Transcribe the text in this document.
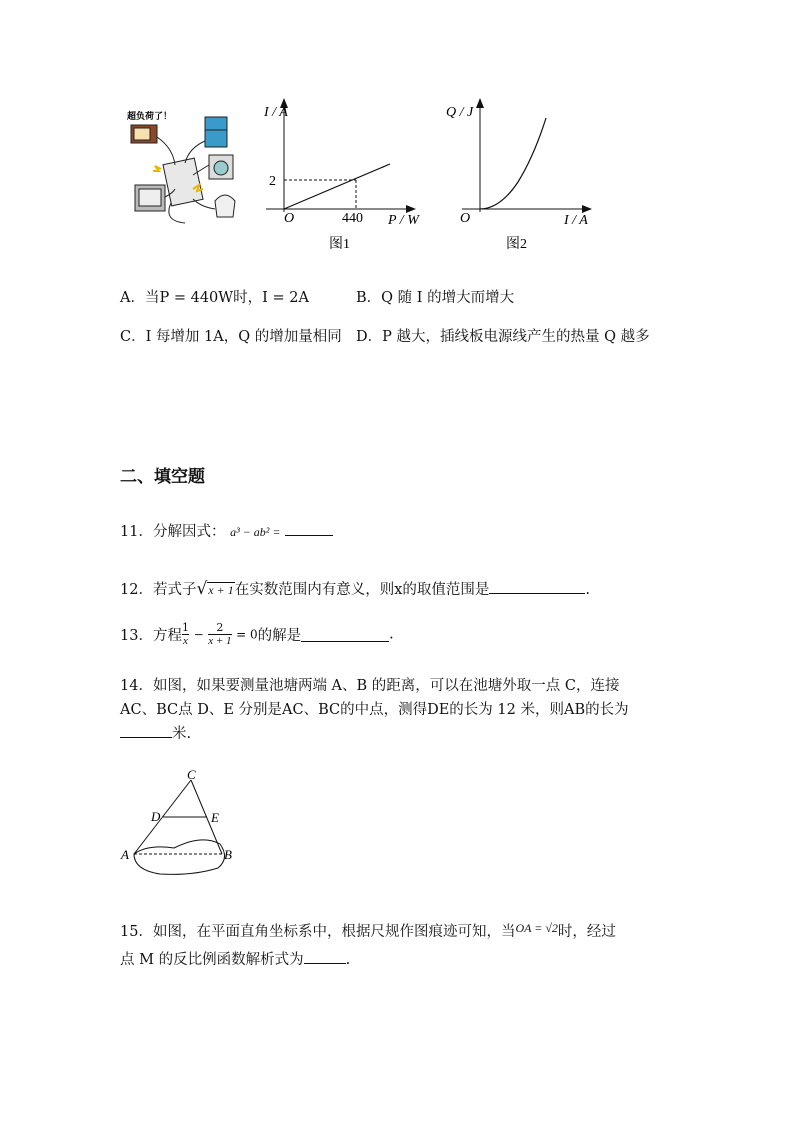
超负荷了！	I / A
P / W
O
2
440
图1
Q / J
I / A
O
图2
A．当P = 440W时，I = 2A	B．Q 随 I 的增大而增大
C．I 每增加 1A，Q 的增加量相同 D．P 越大，插线板电源线产生的热量 Q 越多
二、填空题
11．分解因式： a³ − ab² =
12．若式子√x + 1在实数范围内有意义，则x的取值范围是	.
13．方程 $\frac{1}{x} - \frac{2}{x + 1} = 0$的解是	.
14．如图，如果要测量池塘两端 A、B 的距离，可以在池塘外取一点 C，连接
AC、BC点 D、E 分别是AC、BC的中点，测得DE的长为 12 米，则AB的长为
米.
C
D	E
A	B
15．如图，在平面直角坐标系中，根据尺规作图痕迹可知，当$^{OA = √2}$时，经过
点 M 的反比例函数解析式为	.
